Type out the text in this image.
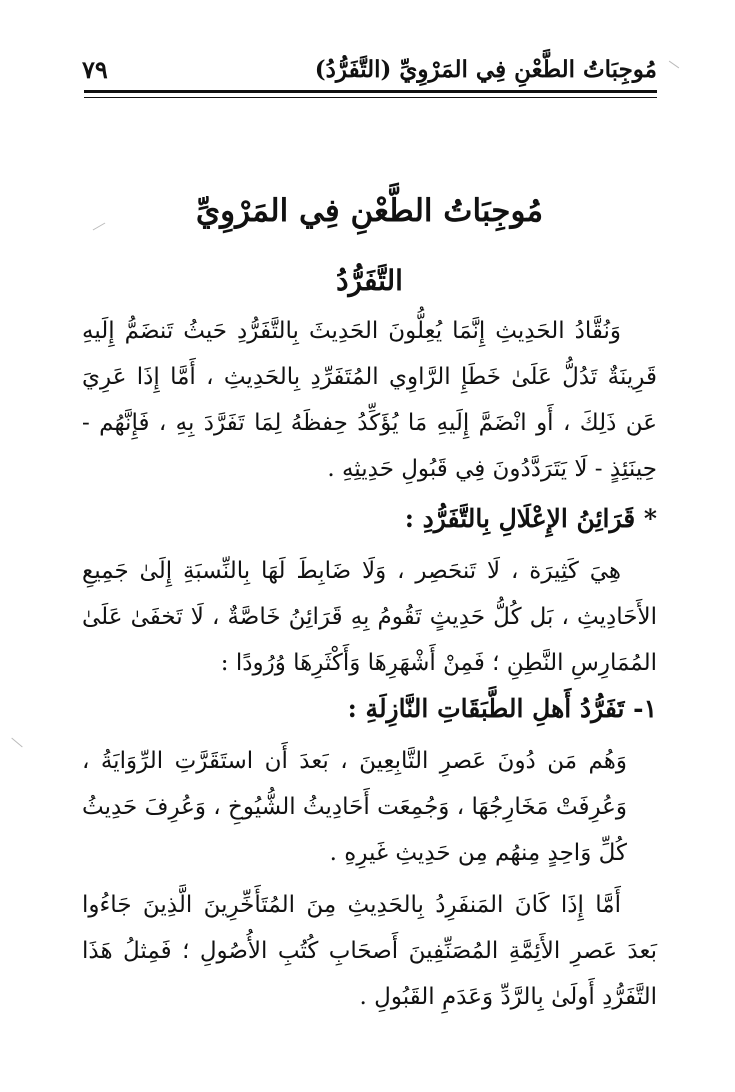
مُوجِبَاتُ الطَّعْنِ فِي المَرْوِيِّ (التَّفَرُّدُ)
٧٩
مُوجِبَاتُ الطَّعْنِ فِي المَرْوِيِّ
التَّفَرُّدُ

وَنُقَّادُ الحَدِيثِ إِنَّمَا يُعِلُّونَ الحَدِيثَ بِالتَّفَرُّدِ حَيثُ تَنضَمُّ إِلَيهِ قَرِينَةٌ تَدُلُّ عَلَىٰ خَطَإِ الرَّاوِي المُتَفَرِّدِ بِالحَدِيثِ ، أَمَّا إِذَا عَرِيَ عَن ذَلِكَ ، أَو انْضَمَّ إِلَيهِ مَا يُؤَكِّدُ حِفظَهُ لِمَا تَفَرَّدَ بِهِ ، فَإِنَّهُم - حِينَئِذٍ - لَا يَتَرَدَّدُونَ فِي قَبُولِ حَدِيثِهِ .

* قَرَائِنُ الإِعْلَالِ بِالتَّفَرُّدِ :

هِيَ كَثِيرَة ، لَا تَنحَصِر ، وَلَا ضَابِطَ لَهَا بِالنِّسبَةِ إِلَىٰ جَمِيعِ الأَحَادِيثِ ، بَل كُلُّ حَدِيثٍ تَقُومُ بِهِ قَرَائِنُ خَاصَّةٌ ، لَا تَخفَىٰ عَلَىٰ المُمَارِسِ النَّطِنِ ؛ فَمِنْ أَشْهَرِهَا وَأَكْثَرِهَا وُرُودًا :

١- تَفَرُّدُ أَهلِ الطَّبَقَاتِ النَّازِلَةِ :

وَهُم مَن دُونَ عَصرِ التَّابِعِينَ ، بَعدَ أَن استَقَرَّتِ الرِّوَايَةُ ، وَعُرِفَتْ مَخَارِجُهَا ، وَجُمِعَت أَحَادِيثُ الشُّيُوخِ ، وَعُرِفَ حَدِيثُ كُلِّ وَاحِدٍ مِنهُم مِن حَدِيثِ غَيرِهِ .

أَمَّا إِذَا كَانَ المَنفَرِدُ بِالحَدِيثِ مِنَ المُتَأَخِّرِينَ الَّذِينَ جَاءُوا بَعدَ عَصرِ الأَئِمَّةِ المُصَنِّفِينَ أَصحَابِ كُتُبِ الأُصُولِ ؛ فَمِثلُ هَذَا التَّفَرُّدِ أَولَىٰ بِالرَّدِّ وَعَدَمِ القَبُولِ .
